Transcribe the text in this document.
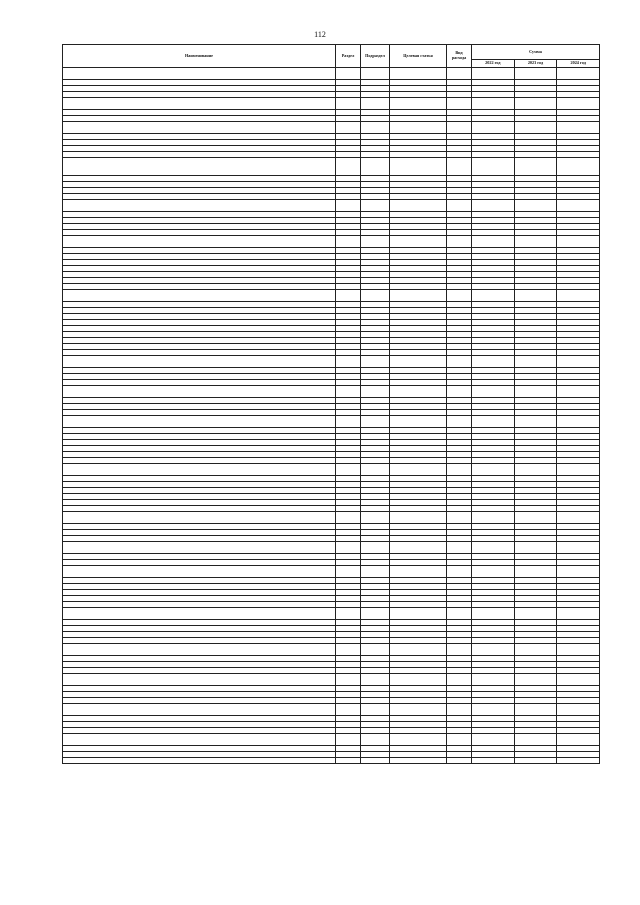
112
Наименование	Раздел	Подраздел	Целевая статья	Вид расхода	Сумма		
					2022 год	2023 год	2024 год
